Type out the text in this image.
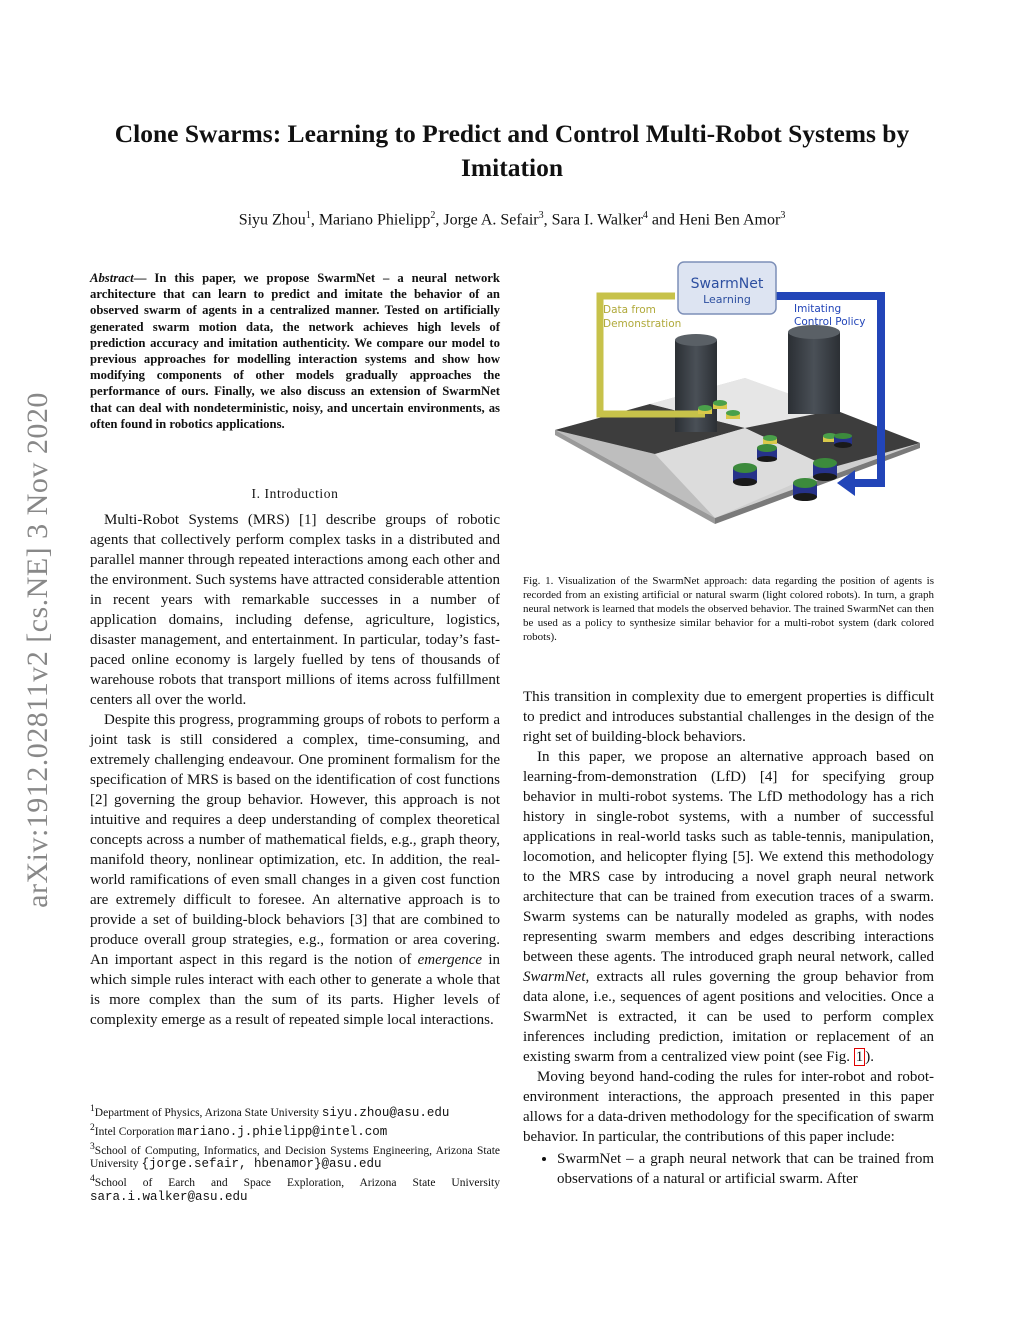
arXiv:1912.02811v2 [cs.NE] 3 Nov 2020
Clone Swarms: Learning to Predict and Control Multi-Robot Systems by Imitation
Siyu Zhou$^1$, Mariano Phielipp$^2$, Jorge A. Sefair$^3$, Sara I. Walker$^4$ and Heni Ben Amor$^3$
Abstract— In this paper, we propose SwarmNet – a neural network architecture that can learn to predict and imitate the behavior of an observed swarm of agents in a centralized manner. Tested on artificially generated swarm motion data, the network achieves high levels of prediction accuracy and imitation authenticity. We compare our model to previous approaches for modelling interaction systems and show how modifying components of other models gradually approaches the performance of ours. Finally, we also discuss an extension of SwarmNet that can deal with nondeterministic, noisy, and uncertain environments, as often found in robotics applications.
I. Introduction

Multi-Robot Systems (MRS) [1] describe groups of robotic agents that collectively perform complex tasks in a distributed and parallel manner through repeated interactions among each other and the environment. Such systems have attracted considerable attention in recent years with remarkable successes in a number of application domains, including defense, agriculture, logistics, disaster management, and entertainment. In particular, today’s fast-paced online economy is largely fuelled by tens of thousands of warehouse robots that transport millions of items across fulfillment centers all over the world.

Despite this progress, programming groups of robots to perform a joint task is still considered a complex, time-consuming, and extremely challenging endeavour. One prominent formalism for the specification of MRS is based on the identification of cost functions [2] governing the group behavior. However, this approach is not intuitive and requires a deep understanding of complex theoretical concepts across a number of mathematical fields, e.g., graph theory, manifold theory, nonlinear optimization, etc. In addition, the real-world ramifications of even small changes in a given cost function are extremely difficult to foresee. An alternative approach is to provide a set of building-block behaviors [3] that are combined to produce overall group strategies, e.g., formation or area covering. An important aspect in this regard is the notion of emergence in which simple rules interact with each other to generate a whole that is more complex than the sum of its parts. Higher levels of complexity emerge as a result of repeated simple local interactions.

$^1$Department of Physics, Arizona State University siyu.zhou@asu.edu
$^2$Intel Corporation mariano.j.phielipp@intel.com
$^3$School of Computing, Informatics, and Decision Systems Engineering, Arizona State University {jorge.sefair, hbenamor}@asu.edu
$^4$School of Earch and Space Exploration, Arizona State University sara.i.walker@asu.edu
SwarmNet
Learning
Data from
Demonstration
Imitating
Control Policy
Fig. 1. Visualization of the SwarmNet approach: data regarding the position of agents is recorded from an existing artificial or natural swarm (light colored robots). In turn, a graph neural network is learned that models the observed behavior. The trained SwarmNet can then be used as a policy to synthesize similar behavior for a multi-robot system (dark colored robots).

This transition in complexity due to emergent properties is difficult to predict and introduces substantial challenges in the design of the right set of building-block behaviors.

In this paper, we propose an alternative approach based on learning-from-demonstration (LfD) [4] for specifying group behavior in multi-robot systems. The LfD methodology has a rich history in single-robot systems, with a number of successful applications in real-world tasks such as table-tennis, manipulation, locomotion, and helicopter flying [5]. We extend this methodology to the MRS case by introducing a novel graph neural network architecture that can be trained from execution traces of a swarm. Swarm systems can be naturally modeled as graphs, with nodes representing swarm members and edges describing interactions between these agents. The introduced graph neural network, called SwarmNet, extracts all rules governing the group behavior from data alone, i.e., sequences of agent positions and velocities. Once a SwarmNet is extracted, it can be used to perform complex inferences including prediction, imitation or replacement of an existing swarm from a centralized view point (see Fig. 1 ).

Moving beyond hand-coding the rules for inter-robot and robot-environment interactions, the approach presented in this paper allows for a data-driven methodology for the specification of swarm behavior. In particular, the contributions of this paper include:

• SwarmNet – a graph neural network that can be trained from observations of a natural or artificial swarm. After
